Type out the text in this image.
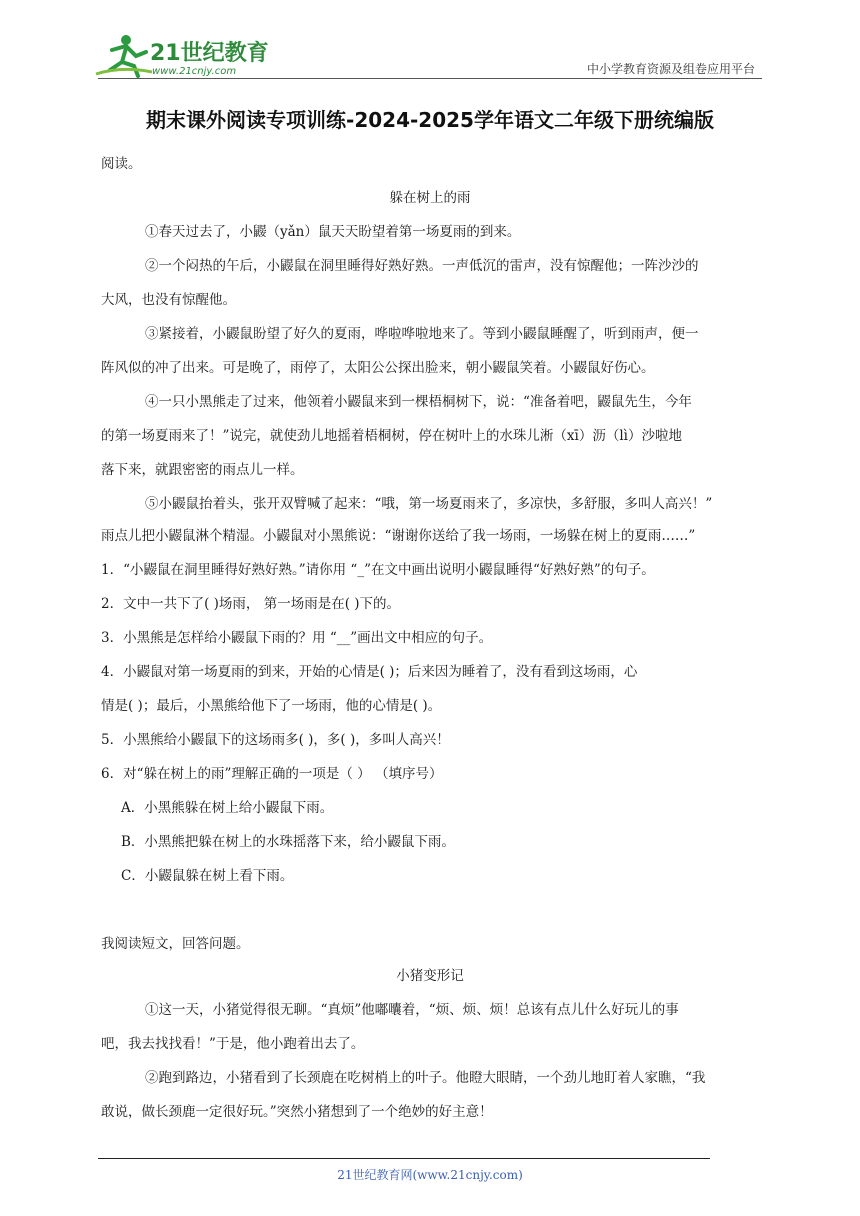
21世纪教育
www.21cnjy.com	中小学教育资源及组卷应用平台
期末课外阅读专项训练-2024-2025学年语文二年级下册统编版
阅读。
躲在树上的雨
①春天过去了，小鼹（yǎn）鼠天天盼望着第一场夏雨的到来。
②一个闷热的午后，小鼹鼠在洞里睡得好熟好熟。一声低沉的雷声，没有惊醒他；一阵沙沙的
大风，也没有惊醒他。
③紧接着，小鼹鼠盼望了好久的夏雨，哗啦哗啦地来了。等到小鼹鼠睡醒了，听到雨声，便一
阵风似的冲了出来。可是晚了，雨停了，太阳公公探出脸来，朝小鼹鼠笑着。小鼹鼠好伤心。
④一只小黑熊走了过来，他领着小鼹鼠来到一棵梧桐树下，说：“准备着吧，鼹鼠先生，今年
的第一场夏雨来了！”说完，就使劲儿地摇着梧桐树，停在树叶上的水珠儿淅（xī）沥（lì）沙啦地
落下来，就跟密密的雨点儿一样。
⑤小鼹鼠抬着头，张开双臂喊了起来：“哦，第一场夏雨来了，多凉快，多舒服，多叫人高兴！”
雨点儿把小鼹鼠淋个精湿。小鼹鼠对小黑熊说：“谢谢你送给了我一场雨，一场躲在树上的夏雨……”
1．“小鼹鼠在洞里睡得好熟好熟。”请你用 “_”在文中画出说明小鼹鼠睡得“好熟好熟”的句子。
2．文中一共下了( )场雨， 第一场雨是在( )下的。
3．小黑熊是怎样给小鼹鼠下雨的？用 “__”画出文中相应的句子。
4．小鼹鼠对第一场夏雨的到来，开始的心情是( )；后来因为睡着了，没有看到这场雨，心
情是( )；最后，小黑熊给他下了一场雨，他的心情是( )。
5．小黑熊给小鼹鼠下的这场雨多( )，多( )，多叫人高兴！
6．对“躲在树上的雨”理解正确的一项是（ ） （填序号）
A．小黑熊躲在树上给小鼹鼠下雨。
B．小黑熊把躲在树上的水珠摇落下来，给小鼹鼠下雨。
C．小鼹鼠躲在树上看下雨。
我阅读短文，回答问题。
小猪变形记
①这一天，小猪觉得很无聊。“真烦”他嘟囔着，“烦、烦、烦！总该有点儿什么好玩儿的事
吧，我去找找看！”于是，他小跑着出去了。
②跑到路边，小猪看到了长颈鹿在吃树梢上的叶子。他瞪大眼睛，一个劲儿地盯着人家瞧，“我
敢说，做长颈鹿一定很好玩。”突然小猪想到了一个绝妙的好主意！
21世纪教育网(www.21cnjy.com)
